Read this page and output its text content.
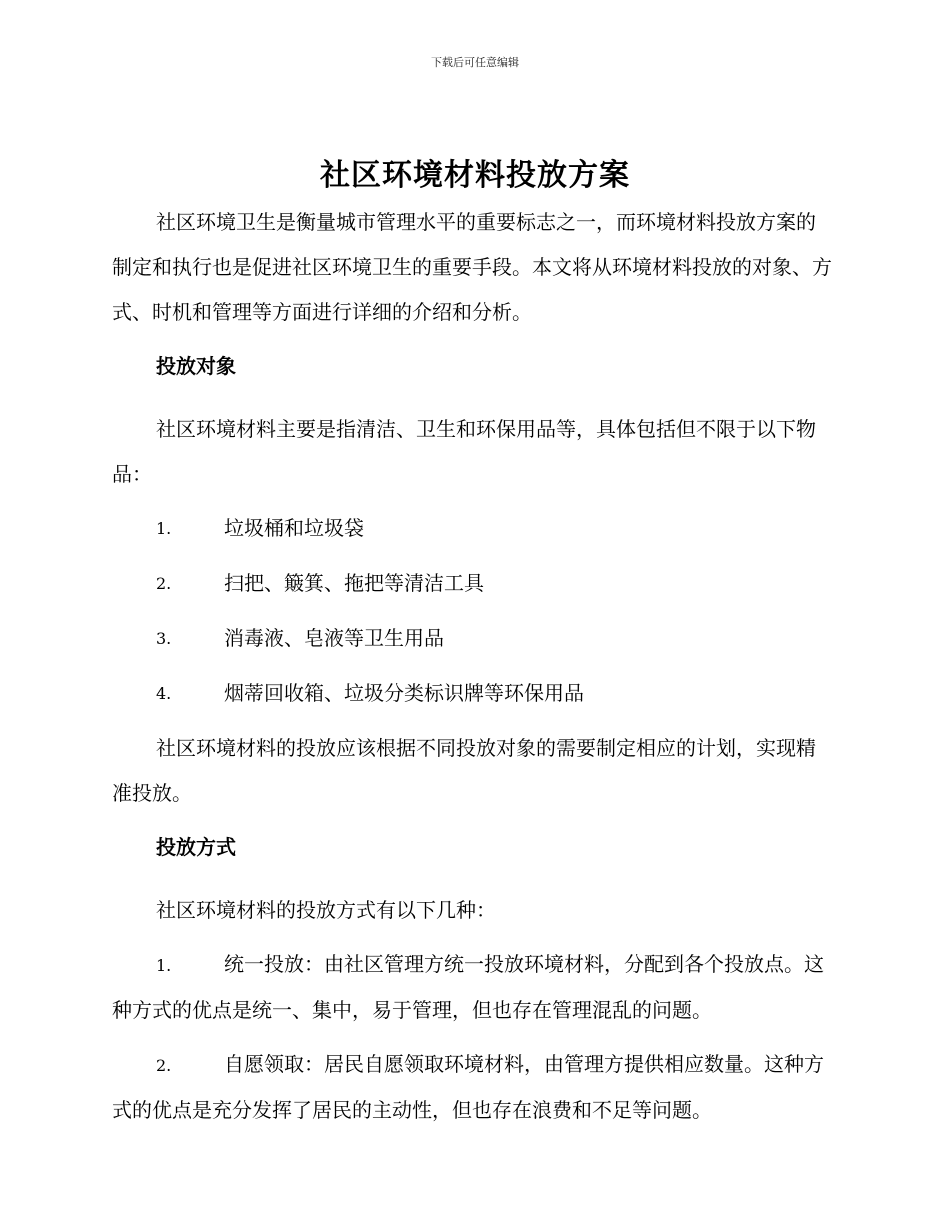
下载后可任意编辑
社区环境材料投放方案

社区环境卫生是衡量城市管理水平的重要标志之一，而环境材料投放方案的制定和执行也是促进社区环境卫生的重要手段。本文将从环境材料投放的对象、方式、时机和管理等方面进行详细的介绍和分析。

投放对象

社区环境材料主要是指清洁、卫生和环保用品等，具体包括但不限于以下物品：

1.	垃圾桶和垃圾袋
2.	扫把、簸箕、拖把等清洁工具
3.	消毒液、皂液等卫生用品
4.	烟蒂回收箱、垃圾分类标识牌等环保用品

社区环境材料的投放应该根据不同投放对象的需要制定相应的计划，实现精准投放。

投放方式

社区环境材料的投放方式有以下几种：

1.	统一投放：由社区管理方统一投放环境材料，分配到各个投放点。这种方式的优点是统一、集中，易于管理，但也存在管理混乱的问题。

2.	自愿领取：居民自愿领取环境材料，由管理方提供相应数量。这种方式的优点是充分发挥了居民的主动性，但也存在浪费和不足等问题。
